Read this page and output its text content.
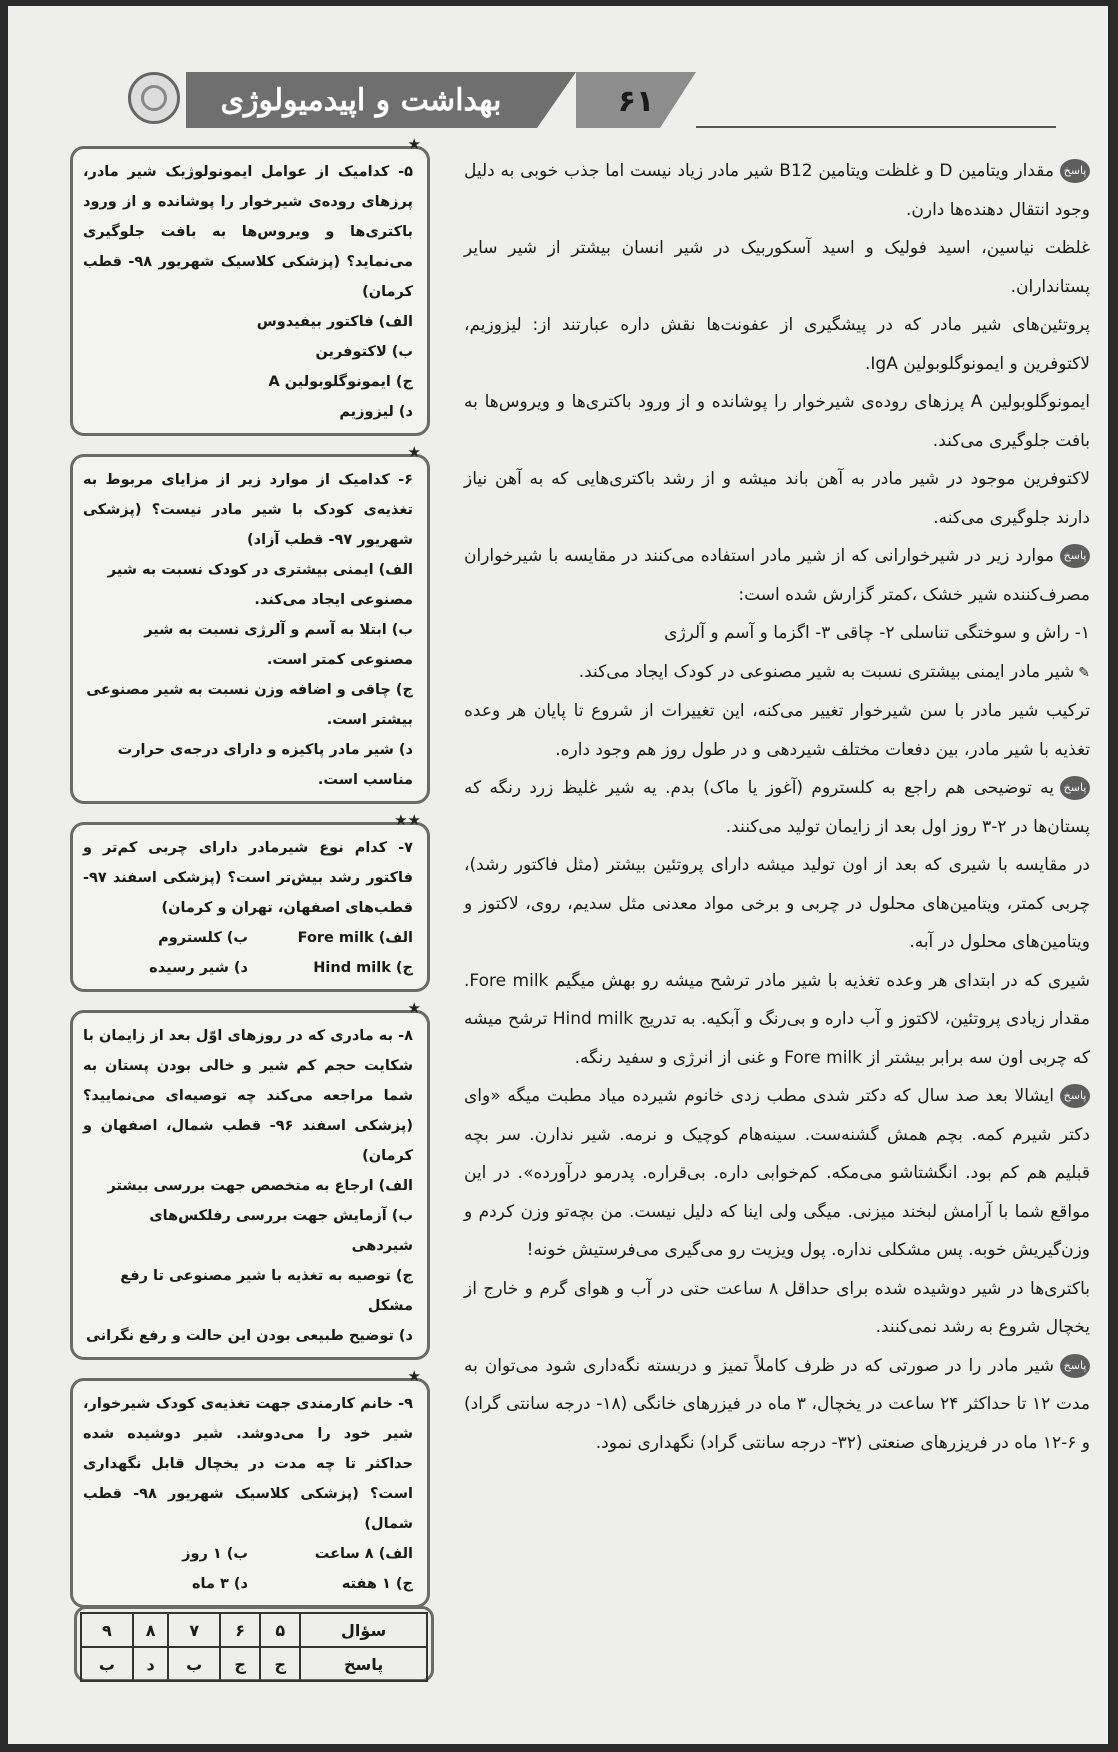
بهداشت و اپیدمیولوژی	۶۱
★
۵- کدامیک از عوامل ایمونولوژیک شیر مادر، پرزهای روده‌ی شیرخوار را پوشانده و از ورود باکتری‌ها و ویروس‌ها به بافت جلوگیری می‌نماید؟ (پزشکی کلاسیک شهریور ۹۸- قطب کرمان)
الف) فاکتور بیفیدوس
ب) لاکتوفرین
ج) ایمونوگلوبولین A
د) لیزوزیم
★
۶- کدامیک از موارد زیر از مزایای مربوط به تغذیه‌ی کودک با شیر مادر نیست؟ (پزشکی شهریور ۹۷- قطب آزاد)
الف) ایمنی بیشتری در کودک نسبت به شیر مصنوعی ایجاد می‌کند.
ب) ابتلا به آسم و آلرژی نسبت به شیر مصنوعی کمتر است.
ج) چاقی و اضافه وزن نسبت به شیر مصنوعی بیشتر است.
د) شیر مادر پاکیزه و دارای درجه‌ی حرارت مناسب است.
★★
۷- کدام نوع شیرمادر دارای چربی کم‌تر و فاکتور رشد بیش‌تر است؟ (پزشکی اسفند ۹۷- قطب‌های اصفهان، تهران و کرمان)
الف) Fore milk
ب) کلستروم
ج) Hind milk
د) شیر رسیده
★
۸- به مادری که در روزهای اوّل بعد از زایمان با شکایت حجم کم شیر و خالی بودن پستان به شما مراجعه می‌کند چه توصیه‌ای می‌نمایید؟ (پزشکی اسفند ۹۶- قطب شمال، اصفهان و کرمان)
الف) ارجاع به متخصص جهت بررسی بیشتر
ب) آزمایش جهت بررسی رفلکس‌های شیردهی
ج) توصیه به تغذیه با شیر مصنوعی تا رفع مشکل
د) توضیح طبیعی بودن این حالت و رفع نگرانی
★
۹- خانم کارمندی جهت تغذیه‌ی کودک شیرخوار، شیر خود را می‌دوشد. شیر دوشیده شده حداکثر تا چه مدت در یخچال قابل نگهداری است؟ (پزشکی کلاسیک شهریور ۹۸- قطب شمال)
الف) ۸ ساعت
ب) ۱ روز
ج) ۱ هفته
د) ۳ ماه
سؤال	۵	۶	۷	۸	۹
پاسخ	ج	ج	ب	د	ب

پاسخمقدار ویتامین D و غلظت ویتامین B12 شیر مادر زیاد نیست اما جذب خوبی به دلیل وجود انتقال دهنده‌ها دارن.

غلظت نیاسین، اسید فولیک و اسید آسکوربیک در شیر انسان بیشتر از شیر سایر پستانداران.

پروتئین‌های شیر مادر که در پیشگیری از عفونت‌ها نقش داره عبارتند از: لیزوزیم، لاکتوفرین و ایمونوگلوبولین IgA.

ایمونوگلوبولین A پرزهای روده‌ی شیرخوار را پوشانده و از ورود باکتری‌ها و ویروس‌ها به بافت جلوگیری می‌کند.

لاکتوفرین موجود در شیر مادر به آهن باند میشه و از رشد باکتری‌هایی که به آهن نیاز دارند جلوگیری می‌کنه.

پاسخموارد زیر در شیرخوارانی که از شیر مادر استفاده می‌کنند در مقایسه با شیرخواران مصرف‌کننده شیر خشک ،کمتر گزارش شده است:

۱- راش و سوختگی تناسلی ۲- چاقی ۳- اگزما و آسم و آلرژی

✎شیر مادر ایمنی بیشتری نسبت به شیر مصنوعی در کودک ایجاد می‌کند.

ترکیب شیر مادر با سن شیرخوار تغییر می‌کنه، این تغییرات از شروع تا پایان هر وعده تغذیه با شیر مادر، بین دفعات مختلف شیردهی و در طول روز هم وجود داره.

پاسخیه توضیحی هم راجع به کلستروم (آغوز یا ماک) بدم. یه شیر غلیظ زرد رنگه که پستان‌ها در ۲-۳ روز اول بعد از زایمان تولید می‌کنند.

در مقایسه با شیری که بعد از اون تولید میشه دارای پروتئین بیشتر (مثل فاکتور رشد)، چربی کمتر، ویتامین‌های محلول در چربی و برخی مواد معدنی مثل سدیم، روی، لاکتوز و ویتامین‌های محلول در آبه.

شیری که در ابتدای هر وعده تغذیه با شیر مادر ترشح میشه رو بهش میگیم Fore milk. مقدار زیادی پروتئین، لاکتوز و آب داره و بی‌رنگ و آبکیه. به تدریج Hind milk ترشح میشه که چربی اون سه برابر بیشتر از Fore milk و غنی از انرژی و سفید رنگه.

پاسخایشالا بعد صد سال که دکتر شدی مطب زدی خانوم شیرده میاد مطبت میگه «وای دکتر شیرم کمه. بچم همش گشنه‌ست. سینه‌هام کوچیک و نرمه. شیر ندارن. سر بچه قبلیم هم کم بود. انگشتاشو می‌مکه. کم‌خوابی داره. بی‌قراره. پدرمو درآورده». در این مواقع شما با آرامش لبخند میزنی. میگی ولی اینا که دلیل نیست. من بچه‌تو وزن کردم و وزن‌گیریش خوبه. پس مشکلی نداره. پول ویزیت رو می‌گیری می‌فرستیش خونه!

باکتری‌ها در شیر دوشیده شده برای حداقل ۸ ساعت حتی در آب و هوای گرم و خارج از یخچال شروع به رشد نمی‌کنند.

پاسخشیر مادر را در صورتی که در ظرف کاملاً تمیز و دربسته نگه‌داری شود می‌توان به مدت ۱۲ تا حداکثر ۲۴ ساعت در یخچال، ۳ ماه در فیزرهای خانگی (۱۸- درجه سانتی گراد) و ۶-۱۲ ماه در فریزرهای صنعتی (۳۲- درجه سانتی گراد) نگهداری نمود.
